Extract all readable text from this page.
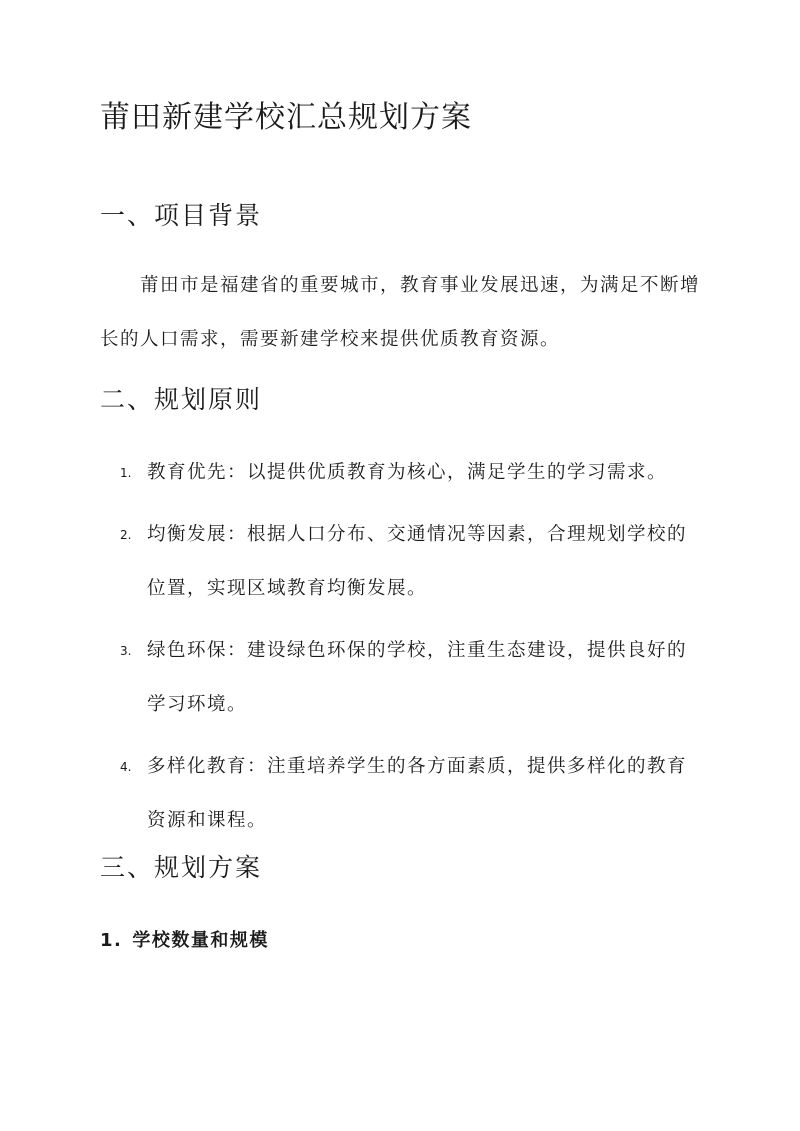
莆田新建学校汇总规划方案
一、项目背景

莆田市是福建省的重要城市，教育事业发展迅速，为满足不断增长的人口需求，需要新建学校来提供优质教育资源。

二、规划原则
1. 教育优先：以提供优质教育为核心，满足学生的学习需求。
2. 均衡发展：根据人口分布、交通情况等因素，合理规划学校的位置，实现区域教育均衡发展。
3. 绿色环保：建设绿色环保的学校，注重生态建设，提供良好的学习环境。
4. 多样化教育：注重培养学生的各方面素质，提供多样化的教育资源和课程。
三、规划方案
1. 学校数量和规模
